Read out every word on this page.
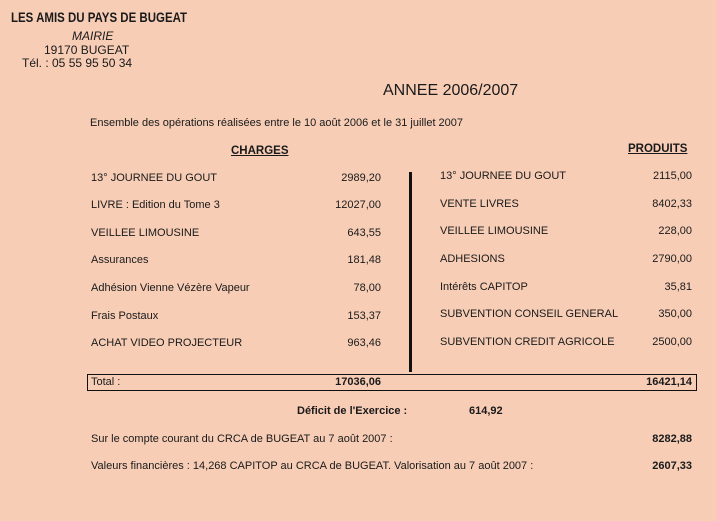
LES AMIS DU PAYS DE BUGEAT
MAIRIE
19170 BUGEAT
Tél. : 05 55 95 50 34
ANNEE 2006/2007
Ensemble des opérations réalisées entre le 10 août 2006 et le 31 juillet 2007
CHARGES	PRODUITS
13° JOURNEE DU GOUT	2989,20
LIVRE : Edition du Tome 3	12027,00
VEILLEE LIMOUSINE	643,55
Assurances	181,48
Adhésion Vienne Vézère Vapeur	78,00
Frais Postaux	153,37
ACHAT VIDEO PROJECTEUR	963,46
13° JOURNEE DU GOUT	2115,00
VENTE LIVRES	8402,33
VEILLEE LIMOUSINE	228,00
ADHESIONS	2790,00
Intérêts CAPITOP	35,81
SUBVENTION CONSEIL GENERAL	350,00
SUBVENTION CREDIT AGRICOLE	2500,00
Total :	17036,06	16421,14
Déficit de l'Exercice :	614,92
Sur le compte courant du CRCA de BUGEAT au 7 août 2007 :	8282,88
Valeurs financières : 14,268 CAPITOP au CRCA de BUGEAT. Valorisation au 7 août 2007 :	2607,33
